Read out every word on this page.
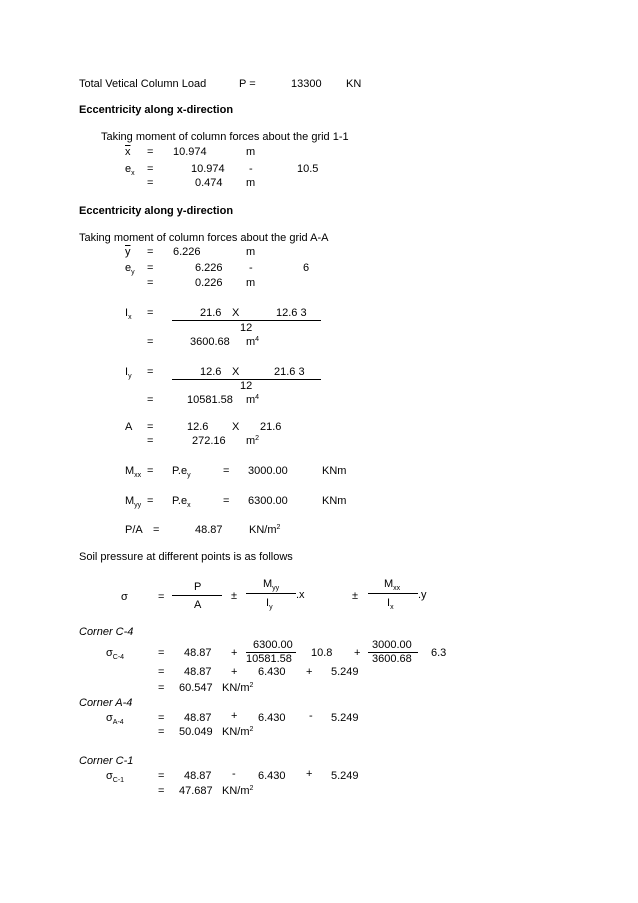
Total Vetical Column Load	P =	13300 KN
Eccentricity along x-direction
Taking moment of column forces about the grid 1-1
$\overline{x} = 10.974$	m
$e_x$ =	10.974 -	10.5
=	0.474 m
Eccentricity along y-direction
Taking moment of column forces about the grid A-A
$\overline{y} = 6.226$	m
$e_y$ =	6.226 -	6
=	0.226 m
$I_x$ =	21.6 X	12.6 3
12
=	3600.68 $m^4$
$I_y$ =	12.6 X	21.6 3
12
=	10581.58 $m^4$
A =	12.6 X 21.6
=	272.16 $m^2$
$M_{xx} = P.e_y$	= 3000.00	KNm
$M_{yy} = P.e_x$	= 6300.00	KNm
P/A =	48.87 $KN/m^2$
Soil pressure at different points is as follows
σ	=
P
A
±
$M_{yy}$
$I_y$
.x	±
$M_{xx}$
$I_x$
.y
Corner C-4
$\sigma_{C-4}$	= 48.87 +
6300.00
10581.58 10.8 +
3000.00
3600.68 6.3
= 48.87 + 6.430 + 5.249
= 60.547 $KN/m^2$
Corner A-4
$\sigma_{A-4}$	= 48.87 + 6.430 - 5.249
= 50.049 $KN/m^2$
Corner C-1
$\sigma_{C-1}$	= 48.87 - 6.430 + 5.249
= 47.687 $KN/m^2$
